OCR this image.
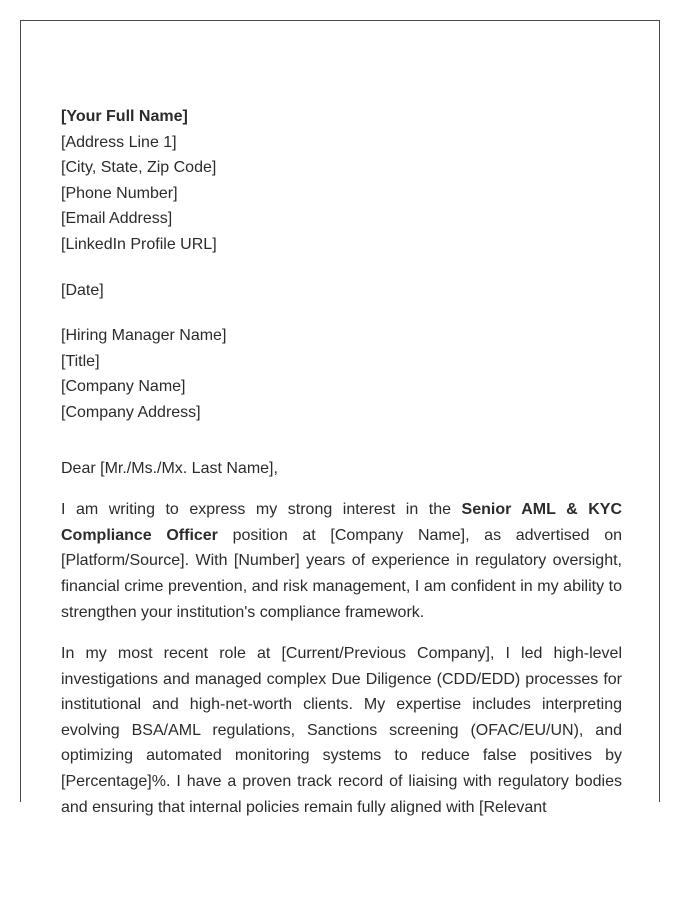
[Your Full Name]
[Address Line 1]
[City, State, Zip Code]
[Phone Number]
[Email Address]
[LinkedIn Profile URL]
[Date]
[Hiring Manager Name]
[Title]
[Company Name]
[Company Address]
Dear [Mr./Ms./Mx. Last Name],

I am writing to express my strong interest in the Senior AML & KYC Compliance Officer position at [Company Name], as advertised on [Platform/Source]. With [Number] years of experience in regulatory oversight, financial crime prevention, and risk management, I am confident in my ability to strengthen your institution's compliance framework.

In my most recent role at [Current/Previous Company], I led high-level investigations and managed complex Due Diligence (CDD/EDD) processes for institutional and high-net-worth clients. My expertise includes interpreting evolving BSA/AML regulations, Sanctions screening (OFAC/EU/UN), and optimizing automated monitoring systems to reduce false positives by [Percentage]%. I have a proven track record of liaising with regulatory bodies and ensuring that internal policies remain fully aligned with [Relevant
